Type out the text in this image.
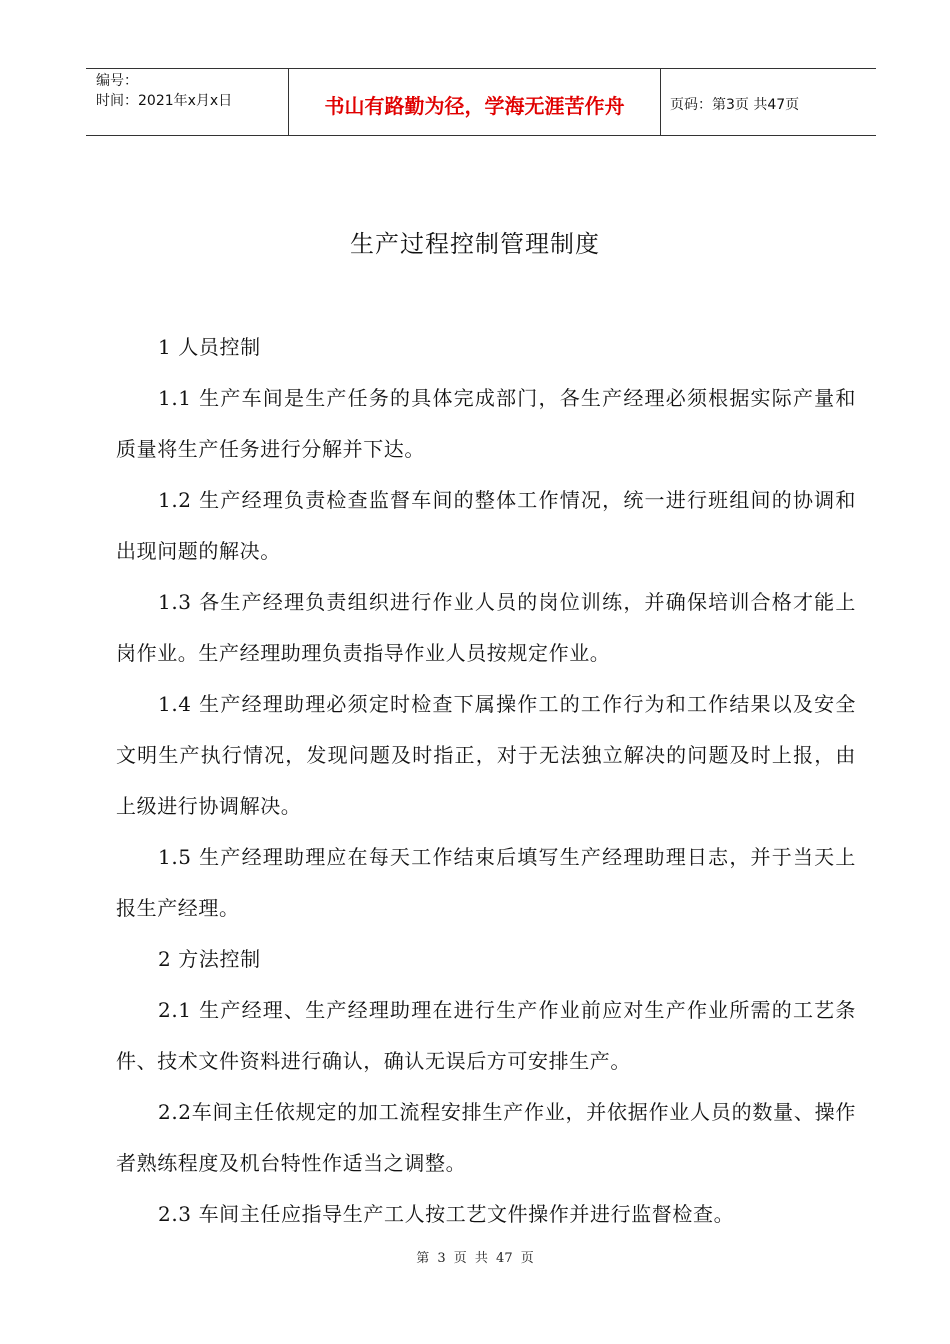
编号：
时间：2021年x月x日	书山有路勤为径，学海无涯苦作舟	页码：第3页 共47页
生产过程控制管理制度

1 人员控制

1.1 生产车间是生产任务的具体完成部门，各生产经理必须根据实际产量和质量将生产任务进行分解并下达。

1.2 生产经理负责检查监督车间的整体工作情况，统一进行班组间的协调和出现问题的解决。

1.3 各生产经理负责组织进行作业人员的岗位训练，并确保培训合格才能上岗作业。生产经理助理负责指导作业人员按规定作业。

1.4 生产经理助理必须定时检查下属操作工的工作行为和工作结果以及安全文明生产执行情况，发现问题及时指正，对于无法独立解决的问题及时上报，由上级进行协调解决。

1.5 生产经理助理应在每天工作结束后填写生产经理助理日志，并于当天上报生产经理。

2 方法控制

2.1 生产经理、生产经理助理在进行生产作业前应对生产作业所需的工艺条件、技术文件资料进行确认，确认无误后方可安排生产。

2.2车间主任依规定的加工流程安排生产作业，并依据作业人员的数量、操作者熟练程度及机台特性作适当之调整。

2.3 车间主任应指导生产工人按工艺文件操作并进行监督检查。

第 3 页 共 47 页
